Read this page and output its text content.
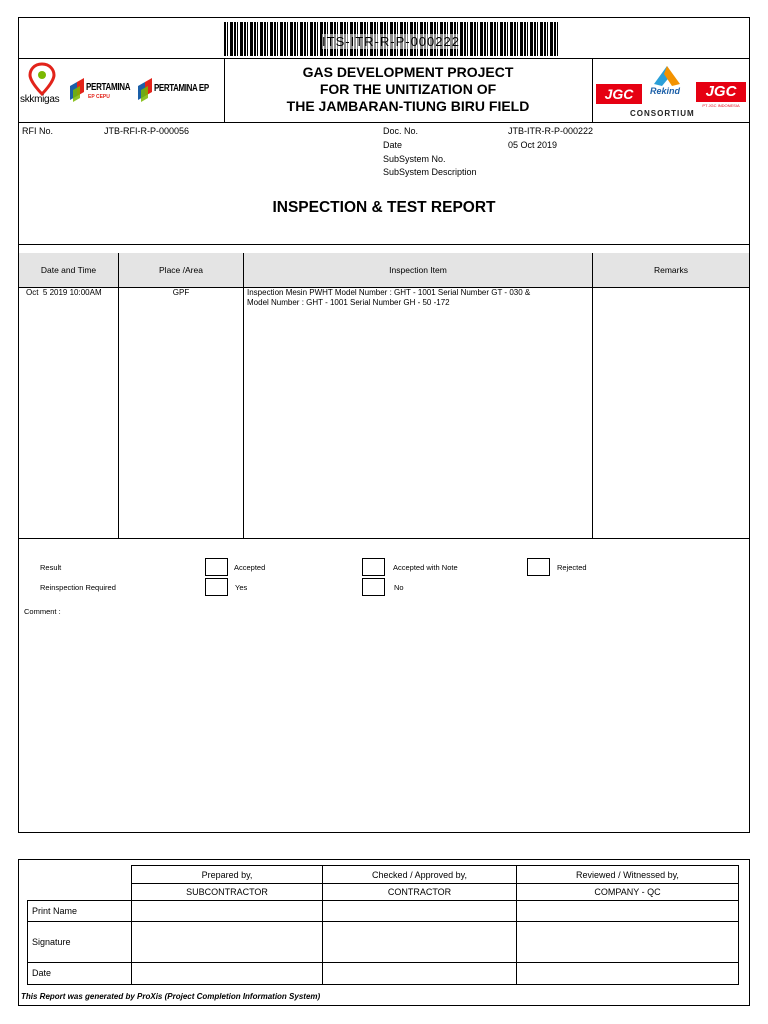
ITS-ITR-R-P-000222
skkmigas
PERTAMINA
EP CEPU
PERTAMINA EP
GAS DEVELOPMENT PROJECT
FOR THE UNITIZATION OF
THE JAMBARAN-TIUNG BIRU FIELD
JGC	Rekind	JGC
PT JGC INDONESIA
CONSORTIUM
RFI No.	JTB-RFI-R-P-000056	Doc. No.	JTB-ITR-R-P-000222
Date	05 Oct 2019
SubSystem No.
SubSystem Description
INSPECTION & TEST REPORT
Date and Time	Place /Area	Inspection Item	Remarks
Oct  5 2019 10:00AM	GPF	Inspection Mesin PWHT Model Number : GHT - 1001 Serial Number GT - 030 &
Model Number : GHT - 1001 Serial Number GH - 50 -172
Result	Accepted	Accepted with Note	Rejected
Reinspection Required	Yes	No
Comment :
Prepared by,	Checked / Approved by,	Reviewed / Witnessed by,
SUBCONTRACTOR	CONTRACTOR	COMPANY - QC
Print Name
Signature
Date
This Report was generated by ProXis (Project Completion Information System)
